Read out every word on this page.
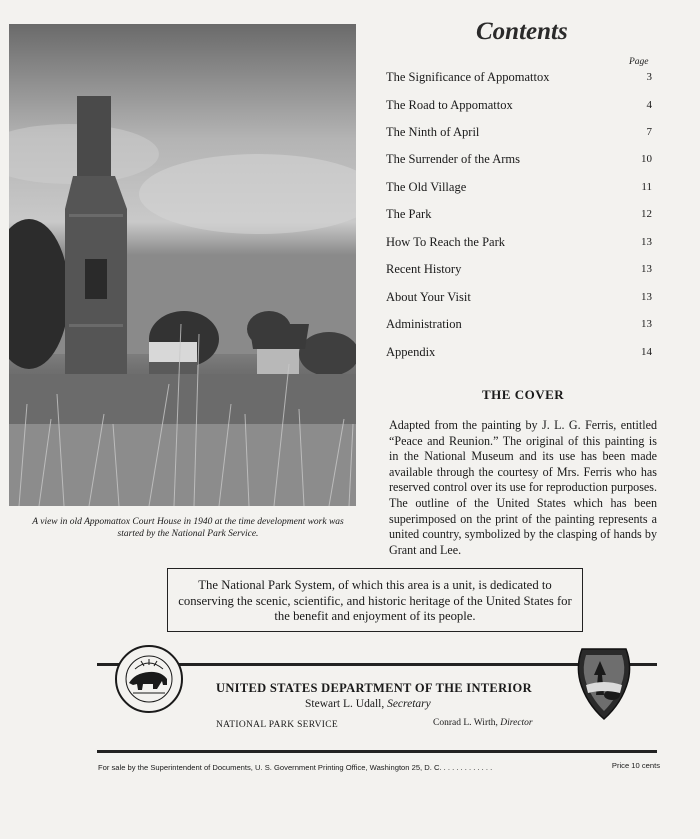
A view in old Appomattox Court House in 1940 at the time development work was started by the National Park Service.
Contents
Page
The Significance of Appomattox	3
The Road to Appomattox	4
The Ninth of April	7
The Surrender of the Arms	10
The Old Village	11
The Park	12
How To Reach the Park	13
Recent History	13
About Your Visit	13
Administration	13
Appendix	14
THE COVER
Adapted from the painting by J. L. G. Ferris, entitled “Peace and Reunion.” The original of this painting is in the National Museum and its use has been made available through the courtesy of Mrs. Ferris who has reserved control over its use for reproduction purposes. The outline of the United States which has been superimposed on the print of the painting represents a united country, symbolized by the clasping of hands by Grant and Lee.
The National Park System, of which this area is a unit, is dedicated to conserving the scenic, scientific, and historic heritage of the United States for the benefit and enjoyment of its people.
UNITED STATES DEPARTMENT OF THE INTERIOR
Stewart L. Udall, Secretary
NATIONAL PARK SERVICE	Conrad L. Wirth, Director
For sale by the Superintendent of Documents, U. S. Government Printing Office, Washington 25, D. C. . . . . . . . . . . . .	Price 10 cents
